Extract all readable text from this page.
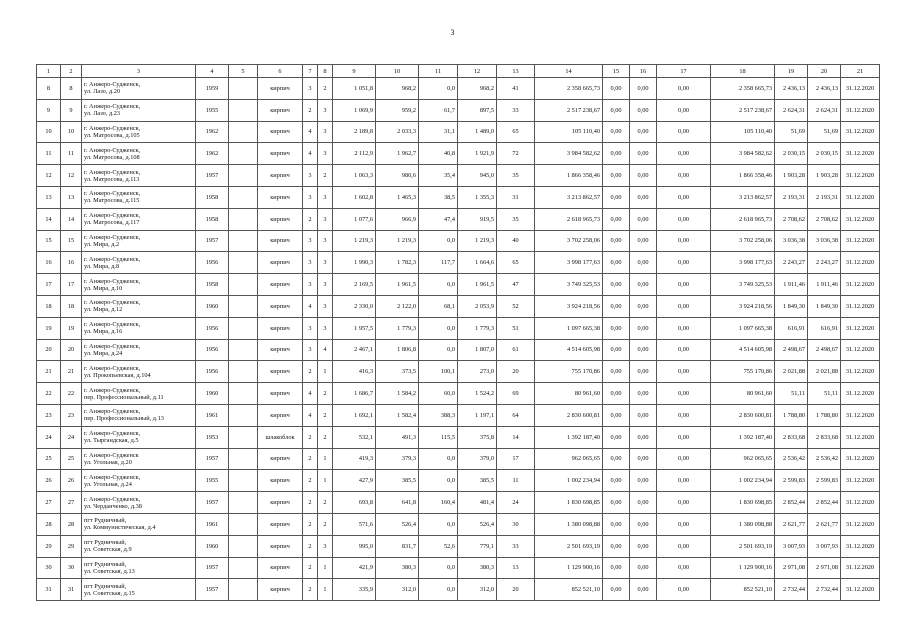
3
1	2	3	4	5	6	7	8	9	10	11	12	13	14	15	16	17	18	19	20	21
8	8	г. Анжеро-Судженск,
ул. Лазо, д.20	1959		кирпич	3	2	1 051,8	968,2	0,0	968,2	41	2 358 665,73	0,00	0,00	0,00	2 358 665,73	2 436,13	2 436,13	31.12.2020
9	9	г. Анжеро-Судженск,
ул. Лазо, д.23	1955		кирпич	2	3	1 069,9	959,2	61,7	897,5	33	2 517 238,67	0,00	0,00	0,00	2 517 238,67	2 624,31	2 624,31	31.12.2020
10	10	г. Анжеро-Судженск,
ул. Матросова, д.105	1962		кирпич	4	3	2 189,8	2 033,3	31,1	1 489,0	65	105 110,40	0,00	0,00	0,00	105 110,40	51,69	51,69	31.12.2020
11	11	г. Анжеро-Судженск,
ул. Матросова, д.108	1962		кирпич	4	3	2 112,9	1 962,7	40,8	1 921,9	72	3 984 582,62	0,00	0,00	0,00	3 984 582,62	2 030,15	2 030,15	31.12.2020
12	12	г. Анжеро-Судженск,
ул. Матросова, д.113	1957		кирпич	3	2	1 063,3	980,6	35,4	945,0	35	1 866 358,46	0,00	0,00	0,00	1 866 358,46	1 903,28	1 903,28	31.12.2020
13	13	г. Анжеро-Судженск,
ул. Матросова, д.115	1958		кирпич	3	3	1 602,8	1 465,3	38,5	1 355,3	31	3 213 862,57	0,00	0,00	0,00	3 213 862,57	2 193,31	2 193,31	31.12.2020
14	14	г. Анжеро-Судженск,
ул. Матросова, д.117	1958		кирпич	2	3	1 077,6	966,9	47,4	919,5	35	2 618 965,73	0,00	0,00	0,00	2 618 965,73	2 708,62	2 708,62	31.12.2020
15	15	г. Анжеро-Судженск,
ул. Мира, д.2	1957		кирпич	3	3	1 219,3	1 219,3	0,0	1 219,3	40	3 702 258,06	0,00	0,00	0,00	3 702 258,06	3 036,38	3 036,38	31.12.2020
16	16	г. Анжеро-Судженск,
ул. Мира, д.8	1956		кирпич	3	3	1 990,3	1 782,3	117,7	1 664,6	65	3 998 177,63	0,00	0,00	0,00	3 998 177,63	2 243,27	2 243,27	31.12.2020
17	17	г. Анжеро-Судженск,
ул. Мира, д.10	1958		кирпич	3	3	2 169,5	1 961,5	0,0	1 961,5	47	3 749 325,53	0,00	0,00	0,00	3 749 325,53	1 911,46	1 911,46	31.12.2020
18	18	г. Анжеро-Судженск,
ул. Мира, д.12	1960		кирпич	4	3	2 330,0	2 122,0	68,1	2 053,9	52	3 924 218,56	0,00	0,00	0,00	3 924 218,56	1 849,30	1 849,30	31.12.2020
19	19	г. Анжеро-Судженск,
ул. Мира, д.16	1956		кирпич	3	3	1 957,5	1 779,3	0,0	1 779,3	51	1 097 665,38	0,00	0,00	0,00	1 097 665,38	616,91	616,91	31.12.2020
20	20	г. Анжеро-Судженск,
ул. Мира, д.24	1956		кирпич	3	4	2 467,1	1 806,8	0,0	1 807,0	61	4 514 605,98	0,00	0,00	0,00	4 514 605,98	2 498,67	2 498,67	31.12.2020
21	21	г. Анжеро-Судженск,
ул. Прокопьевская, д.104	1956		кирпич	2	1	416,3	373,5	100,1	273,0	20	755 170,86	0,00	0,00	0,00	755 170,86	2 021,88	2 021,88	31.12.2020
22	22	г. Анжеро-Судженск,
пер. Профессиональный, д.11	1960		кирпич	4	2	1 686,7	1 584,2	60,0	1 524,2	69	80 961,60	0,00	0,00	0,00	80 961,60	51,11	51,11	31.12.2020
23	23	г. Анжеро-Судженск,
пер. Профессиональный, д.13	1961		кирпич	4	2	1 692,1	1 582,4	388,3	1 197,1	64	2 830 600,81	0,00	0,00	0,00	2 830 600,81	1 788,80	1 788,80	31.12.2020
24	24	г. Анжеро-Судженск,
ул. Тыргандская, д.5	1953		шлакоблок	2	2	532,1	491,3	115,5	375,8	14	1 392 187,40	0,00	0,00	0,00	1 392 187,40	2 833,68	2 833,68	31.12.2020
25	25	г. Анжеро-Судженск
ул. Угольная, д.20	1957		кирпич	2	1	419,3	379,3	0,0	379,0	17	962 065,65	0,00	0,00	0,00	962 065,65	2 536,42	2 536,42	31.12.2020
26	26	г. Анжеро-Судженск,
ул. Угольная, д.24	1955		кирпич	2	1	427,9	385,5	0,0	385,5	11	1 002 234,94	0,00	0,00	0,00	1 002 234,94	2 599,83	2 599,83	31.12.2020
27	27	г. Анжеро-Судженск,
ул. Черданченко, д.38	1957		кирпич	2	2	693,8	641,8	160,4	481,4	24	1 830 698,85	0,00	0,00	0,00	1 830 698,85	2 852,44	2 852,44	31.12.2020
28	28	пгт Рудничный,
ул. Коммунистическая, д.4	1961		кирпич	2	2	571,6	526,4	0,0	526,4	30	1 380 098,88	0,00	0,00	0,00	1 380 098,88	2 621,77	2 621,77	31.12.2020
29	29	пгт Рудничный,
ул. Советская, д.9	1960		кирпич	2	3	995,0	831,7	52,6	779,1	33	2 501 693,19	0,00	0,00	0,00	2 501 693,19	3 007,93	3 007,93	31.12.2020
30	30	пгт Рудничный,
ул. Советская, д.13	1957		кирпич	2	1	421,9	380,3	0,0	380,3	13	1 129 900,16	0,00	0,00	0,00	1 129 900,16	2 971,08	2 971,08	31.12.2020
31	31	пгт Рудничный,
ул. Советская, д.15	1957		кирпич	2	1	335,9	312,0	0,0	312,0	20	852 521,10	0,00	0,00	0,00	852 521,10	2 732,44	2 732,44	31.12.2020
